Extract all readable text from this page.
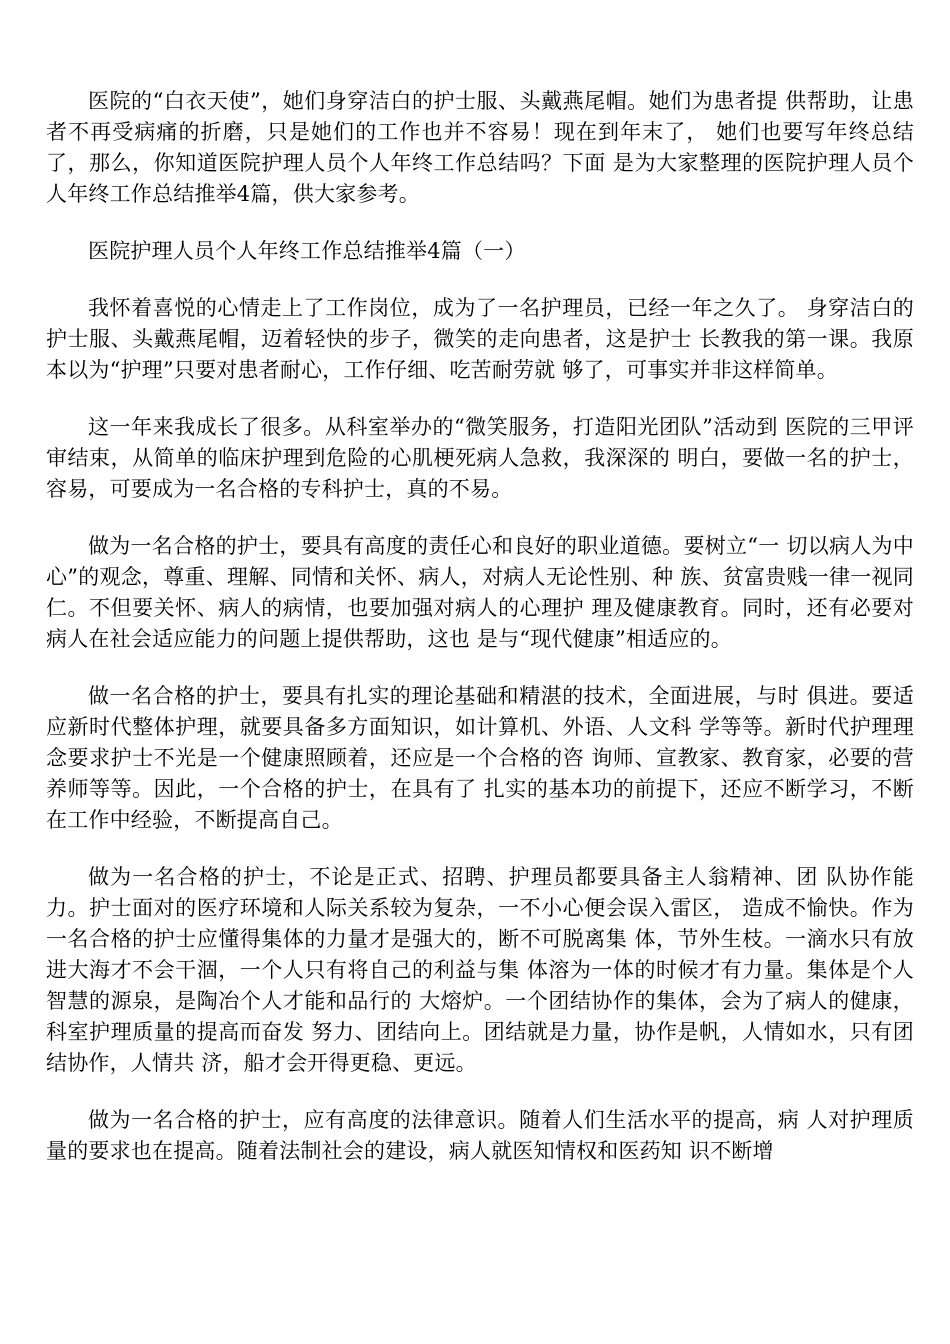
医院的“白衣天使”，她们身穿洁白的护士服、头戴燕尾帽。她们为患者提 供帮助，让患者不再受病痛的折磨，只是她们的工作也并不容易！现在到年末了， 她们也要写年终总结了，那么，你知道医院护理人员个人年终工作总结吗？下面 是为大家整理的医院护理人员个人年终工作总结推举4篇，供大家参考。

医院护理人员个人年终工作总结推举4篇（一）

我怀着喜悦的心情走上了工作岗位，成为了一名护理员，已经一年之久了。 身穿洁白的护士服、头戴燕尾帽，迈着轻快的步子，微笑的走向患者，这是护士 长教我的第一课。我原本以为“护理”只要对患者耐心，工作仔细、吃苦耐劳就 够了，可事实并非这样简单。

这一年来我成长了很多。从科室举办的“微笑服务，打造阳光团队”活动到 医院的三甲评审结束，从简单的临床护理到危险的心肌梗死病人急救，我深深的 明白，要做一名的护士，容易，可要成为一名合格的专科护士，真的不易。

做为一名合格的护士，要具有高度的责任心和良好的职业道德。要树立“一 切以病人为中心”的观念，尊重、理解、同情和关怀、病人，对病人无论性别、种 族、贫富贵贱一律一视同仁。不但要关怀、病人的病情，也要加强对病人的心理护 理及健康教育。同时，还有必要对病人在社会适应能力的问题上提供帮助，这也 是与“现代健康”相适应的。

做一名合格的护士，要具有扎实的理论基础和精湛的技术，全面进展，与时 俱进。要适应新时代整体护理，就要具备多方面知识，如计算机、外语、人文科 学等等。新时代护理理念要求护士不光是一个健康照顾着，还应是一个合格的咨 询师、宣教家、教育家，必要的营养师等等。因此，一个合格的护士，在具有了 扎实的基本功的前提下，还应不断学习，不断在工作中经验，不断提高自己。

做为一名合格的护士，不论是正式、招聘、护理员都要具备主人翁精神、团 队协作能力。护士面对的医疗环境和人际关系较为复杂，一不小心便会误入雷区， 造成不愉快。作为一名合格的护士应懂得集体的力量才是强大的，断不可脱离集 体，节外生枝。一滴水只有放进大海才不会干涸，一个人只有将自己的利益与集 体溶为一体的时候才有力量。集体是个人智慧的源泉，是陶冶个人才能和品行的 大熔炉。一个团结协作的集体，会为了病人的健康，科室护理质量的提高而奋发 努力、团结向上。团结就是力量，协作是帆，人情如水，只有团结协作，人情共 济，船才会开得更稳、更远。

做为一名合格的护士，应有高度的法律意识。随着人们生活水平的提高，病 人对护理质量的要求也在提高。随着法制社会的建设，病人就医知情权和医药知 识不断增
